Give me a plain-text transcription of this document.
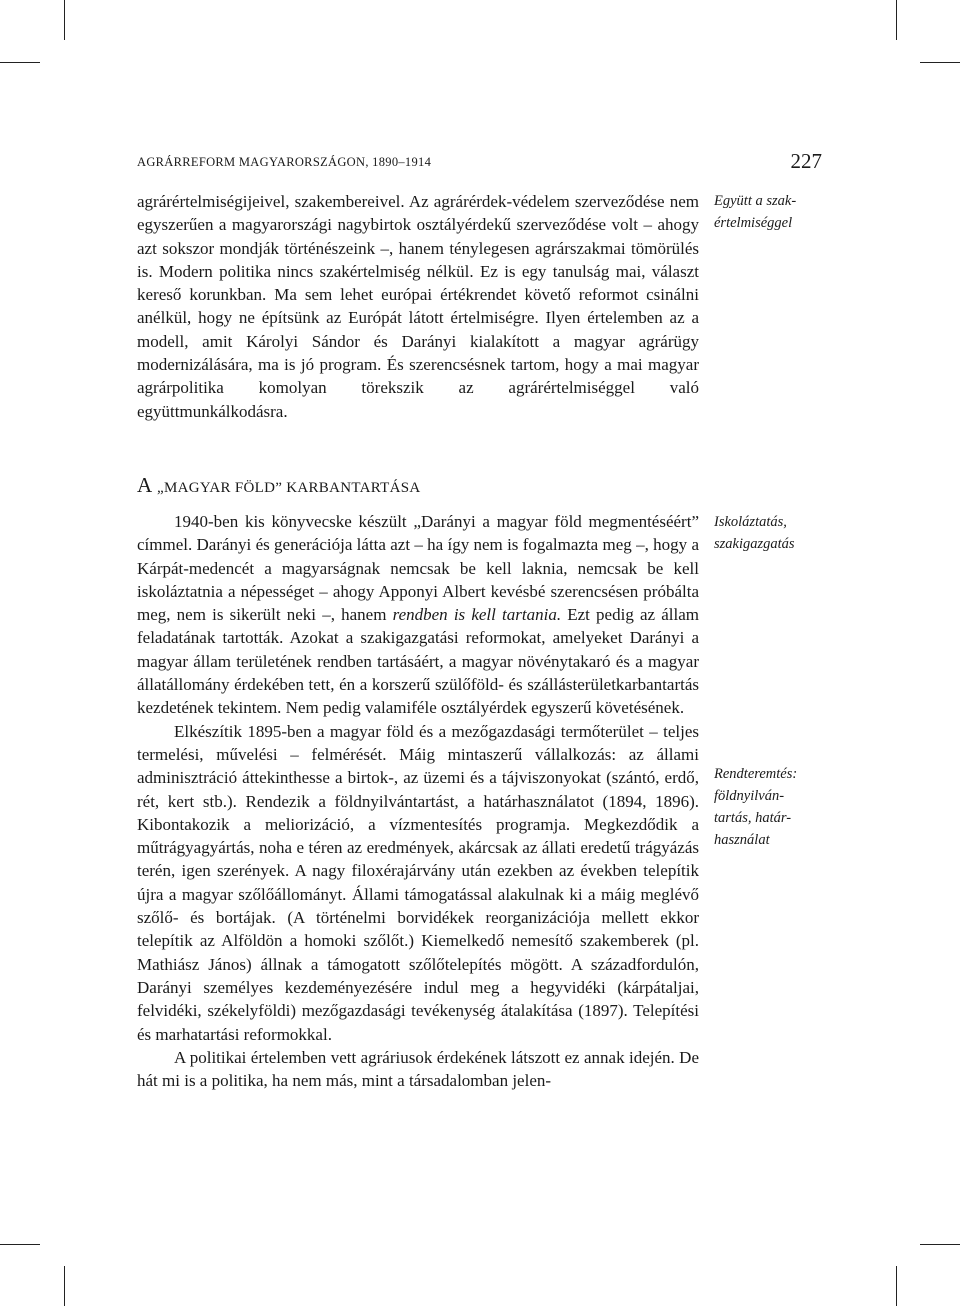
AGRÁRREFORM MAGYARORSZÁGON, 1890–1914	227

agrárértelmiségijeivel, szakembereivel. Az agrárérdek-védelem szerveződése nem egyszerűen a magyarországi nagybirtok osztályérdekű szerveződése volt – ahogy azt sokszor mondják történészeink –, hanem ténylegesen agrárszakmai tömörülés is. Modern politika nincs szakértelmiség nélkül. Ez is egy tanulság mai, választ kereső korunkban. Ma sem lehet európai értékrendet követő reformot csinálni anélkül, hogy ne építsünk az Európát látott értelmiségre. Ilyen értelemben az a modell, amit Károlyi Sándor és Darányi kialakított a magyar agrárügy modernizálására, ma is jó program. És szerencsésnek tartom, hogy a mai magyar agrárpolitika komolyan törekszik az agrárértelmiséggel való együttmunkálkodásra.

A „MAGYAR FÖLD” KARBANTARTÁSA

1940-ben kis könyvecske készült „Darányi a magyar föld megmentéséért” címmel. Darányi és generációja látta azt – ha így nem is fogalmazta meg –, hogy a Kárpát-medencét a magyarságnak nemcsak be kell laknia, nemcsak be kell iskoláztatnia a népességet – ahogy Apponyi Albert kevésbé szerencsésen próbálta meg, nem is sikerült neki –, hanem rendben is kell tartania. Ezt pedig az állam feladatának tartották. Azokat a szakigazgatási reformokat, amelyeket Darányi a magyar állam területének rendben tartásáért, a magyar növénytakaró és a magyar állatállomány érdekében tett, én a korszerű szülőföld- és szállásterületkarbantartás kezdetének tekintem. Nem pedig valamiféle osztályérdek egyszerű követésének.

Elkészítik 1895-ben a magyar föld és a mezőgazdasági termőterület – teljes termelési, művelési – felmérését. Máig mintaszerű vállalkozás: az állami adminisztráció áttekinthesse a birtok-, az üzemi és a tájviszonyokat (szántó, erdő, rét, kert stb.). Rendezik a földnyilvántartást, a határhasználatot (1894, 1896). Kibontakozik a meliorizáció, a vízmentesítés programja. Megkezdődik a műtrágyagyártás, noha e téren az eredmények, akárcsak az állati eredetű trágyázás terén, igen szerények. A nagy filoxérajárvány után ezekben az években telepítik újra a magyar szőlőállományt. Állami támogatással alakulnak ki a máig meglévő szőlő- és bortájak. (A történelmi borvidékek reorganizációja mellett ekkor telepítik az Alföldön a homoki szőlőt.) Kiemelkedő nemesítő szakemberek (pl. Mathiász János) állnak a támogatott szőlőtelepítés mögött. A századfordulón, Darányi személyes kezdeményezésére indul meg a hegyvidéki (kárpátaljai, felvidéki, székelyföldi) mezőgazdasági tevékenység átalakítása (1897). Telepítési és marhatartási reformokkal.

A politikai értelemben vett agráriusok érdekének látszott ez annak idején. De hát mi is a politika, ha nem más, mint a társadalomban jelen-

Együtt a szak-
értelmiséggel
Iskoláztatás,
szakigazgatás
Rendteremtés:
földnyilván-
tartás, határ-
használat
